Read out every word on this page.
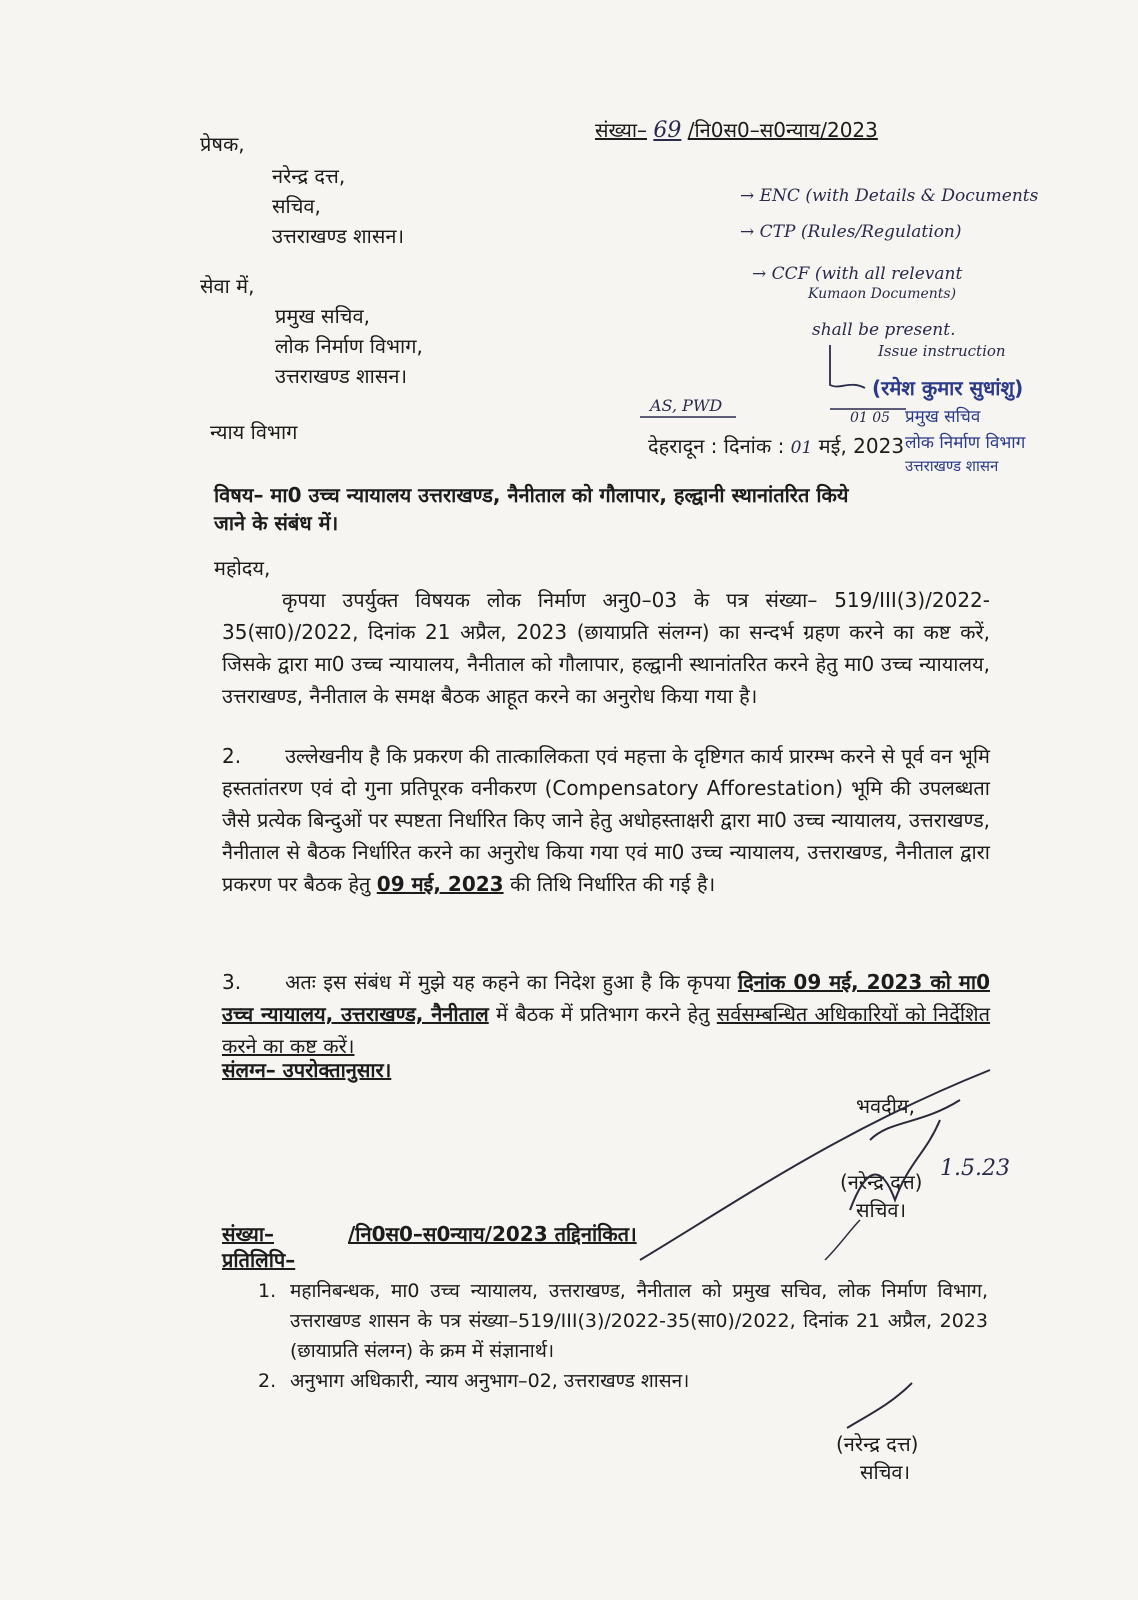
संख्या– 69 /नि0स0–स0न्याय/2023
प्रेषक,
नरेन्द्र दत्त,
सचिव,
उत्तराखण्ड शासन।
सेवा में,
प्रमुख सचिव,
लोक निर्माण विभाग,
उत्तराखण्ड शासन।
→ ENC (with Details & Documents
→ CTP (Rules/Regulation)
→ CCF (with all relevant
Kumaon Documents)
shall be present.
Issue instruction
AS, PWD
01 05
(रमेश कुमार सुधांशु)
प्रमुख सचिव
लोक निर्माण विभाग
उत्तराखण्ड शासन
न्याय विभाग
देहरादून : दिनांक : 01 मई, 2023
विषय– मा0 उच्च न्यायालय उत्तराखण्ड, नैनीताल को गौलापार, हल्द्वानी स्थानांतरित किये
जाने के संबंध में।
महोदय,

कृपया उपर्युक्त विषयक लोक निर्माण अनु0–03 के पत्र संख्या– 519/III(3)/2022-35(सा0)/2022, दिनांक 21 अप्रैल, 2023 (छायाप्रति संलग्न) का सन्दर्भ ग्रहण करने का कष्ट करें, जिसके द्वारा मा0 उच्च न्यायालय, नैनीताल को गौलापार, हल्द्वानी स्थानांतरित करने हेतु मा0 उच्च न्यायालय, उत्तराखण्ड, नैनीताल के समक्ष बैठक आहूत करने का अनुरोध किया गया है।

2. उल्लेखनीय है कि प्रकरण की तात्कालिकता एवं महत्ता के दृष्टिगत कार्य प्रारम्भ करने से पूर्व वन भूमि हस्ततांतरण एवं दो गुना प्रतिपूरक वनीकरण (Compensatory Afforestation) भूमि की उपलब्धता जैसे प्रत्येक बिन्दुओं पर स्पष्टता निर्धारित किए जाने हेतु अधोहस्ताक्षरी द्वारा मा0 उच्च न्यायालय, उत्तराखण्ड, नैनीताल से बैठक निर्धारित करने का अनुरोध किया गया एवं मा0 उच्च न्यायालय, उत्तराखण्ड, नैनीताल द्वारा प्रकरण पर बैठक हेतु 09 मई, 2023 की तिथि निर्धारित की गई है।

3. अतः इस संबंध में मुझे यह कहने का निदेश हुआ है कि कृपया दिनांक 09 मई, 2023 को मा0 उच्च न्यायालय, उत्तराखण्ड, नैनीताल में बैठक में प्रतिभाग करने हेतु सर्वसम्बन्धित अधिकारियों को निर्देशित करने का कष्ट करें।

संलग्न– उपरोक्तानुसार।
भवदीय,
(नरेन्द्र दत्त)
सचिव।
1.5.23
संख्या–	/नि0स0–स0न्याय/2023 तद्दिनांकित।
प्रतिलिपि–
1. महानिबन्धक, मा0 उच्च न्यायालय, उत्तराखण्ड, नैनीताल को प्रमुख सचिव, लोक निर्माण विभाग, उत्तराखण्ड शासन के पत्र संख्या–519/III(3)/2022-35(सा0)/2022, दिनांक 21 अप्रैल, 2023 (छायाप्रति संलग्न) के क्रम में संज्ञानार्थ।
2. अनुभाग अधिकारी, न्याय अनुभाग–02, उत्तराखण्ड शासन।
(नरेन्द्र दत्त)
सचिव।
